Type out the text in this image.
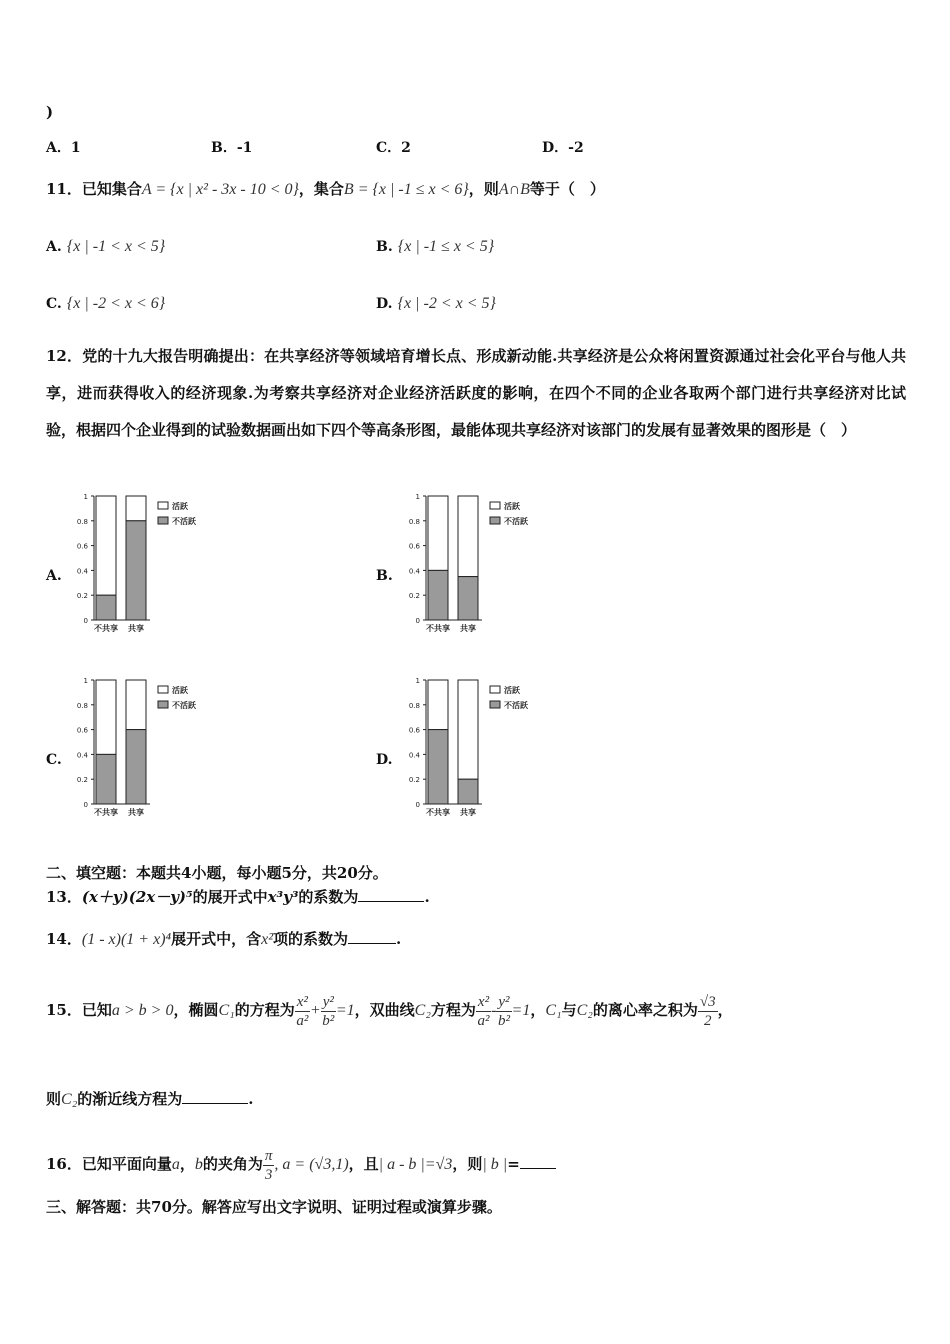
)
A．1	B．-1	C．2	D．-2
11．已知集合A = {x | x² - 3x - 10 < 0}，集合B = {x | -1 ≤ x < 6}，则A∩B等于（　）
A. {x | -1 < x < 5}	B. {x | -1 ≤ x < 5}
C. {x | -2 < x < 6}	D. {x | -2 < x < 5}
12．党的十九大报告明确提出：在共享经济等领域培育增长点、形成新动能.共享经济是公众将闲置资源通过社会化平台与他人共享，进而获得收入的经济现象.为考察共享经济对企业经济活跃度的影响，在四个不同的企业各取两个部门进行共享经济对比试验，根据四个企业得到的试验数据画出如下四个等高条形图，最能体现共享经济对该部门的发展有显著效果的图形是（　）
A.	B.
C.	D.
0
0.2
0.4
0.6
0.8
1
不共享 共享
活跃
不活跃
0
0.2
0.4
0.6
0.8
1
不共享 共享
活跃
不活跃
0
0.2
0.4
0.6
0.8
1
不共享 共享
活跃
不活跃
0
0.2
0.4
0.6
0.8
1
不共享 共享
活跃
不活跃
二、填空题：本题共4小题，每小题5分，共20分。
13．(x＋y)(2x－y)⁵的展开式中x³y³的系数为	.
14．(1 - x)(1 + x)⁴展开式中，含x²项的系数为	.
15．已知a > b > 0，椭圆C₁的方程为 $\frac{\text{x²}}{\text{a²}} + \frac{\text{y²}}{\text{b²}} =1$，双曲线C₂方程为 $\frac{\text{x²}}{\text{a²}} - \frac{\text{y²}}{\text{b²}} =1$，C₁与C₂的离心率之积为 $\frac{√3}{2}$ ，
则C₂的渐近线方程为	.
16．已知平面向量a，b的夹角为 $\frac{\pi}{3}$ , a = (√3,1)，且| a - b |=√3，则| b |=
三、解答题：共70分。解答应写出文字说明、证明过程或演算步骤。
